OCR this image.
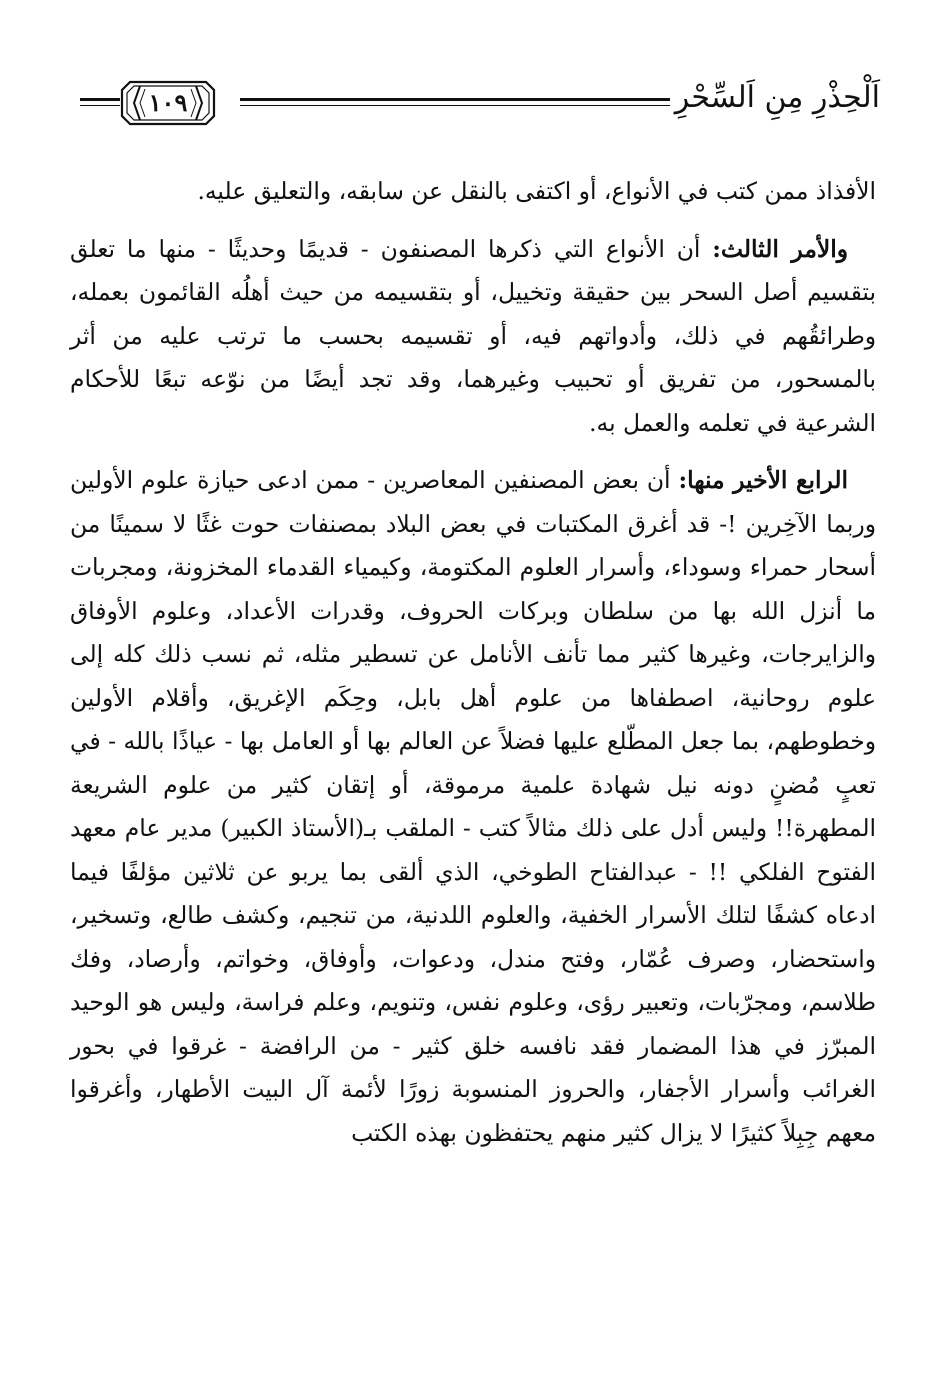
اَلْحِذْرِ مِنِ اَلسِّحْرِ
١٠٩

الأفذاذ ممن كتب في الأنواع، أو اكتفى بالنقل عن سابقه، والتعليق عليه.

والأمر الثالث: أن الأنواع التي ذكرها المصنفون - قديمًا وحديثًا - منها ما تعلق بتقسيم أصل السحر بين حقيقة وتخييل، أو بتقسيمه من حيث أهلُه القائمون بعمله، وطرائقُهم في ذلك، وأدواتهم فيه، أو تقسيمه بحسب ما ترتب عليه من أثر بالمسحور، من تفريق أو تحبيب وغيرهما، وقد تجد أيضًا من نوّعه تبعًا للأحكام الشرعية في تعلمه والعمل به.

الرابع الأخير منها: أن بعض المصنفين المعاصرين - ممن ادعى حيازة علوم الأولين وربما الآخِرين !- قد أغرق المكتبات في بعض البلاد بمصنفات حوت غثًا لا سمينًا من أسحار حمراء وسوداء، وأسرار العلوم المكتومة، وكيمياء القدماء المخزونة، ومجربات ما أنزل الله بها من سلطان وبركات الحروف، وقدرات الأعداد، وعلوم الأوفاق والزايرجات، وغيرها كثير مما تأنف الأنامل عن تسطير مثله، ثم نسب ذلك كله إلى علوم روحانية، اصطفاها من علوم أهل بابل، وحِكَم الإغريق، وأقلام الأولين وخطوطهم، بما جعل المطّلع عليها فضلاً عن العالم بها أو العامل بها - عياذًا بالله - في تعبٍ مُضنٍ دونه نيل شهادة علمية مرموقة، أو إتقان كثير من علوم الشريعة المطهرة!! وليس أدل على ذلك مثالاً كتب - الملقب بـ(الأستاذ الكبير) مدير عام معهد الفتوح الفلكي !! - عبدالفتاح الطوخي، الذي ألقى بما يربو عن ثلاثين مؤلفًا فيما ادعاه كشفًا لتلك الأسرار الخفية، والعلوم اللدنية، من تنجيم، وكشف طالع، وتسخير، واستحضار، وصرف عُمّار، وفتح مندل، ودعوات، وأوفاق، وخواتم، وأرصاد، وفك طلاسم، ومجرّبات، وتعبير رؤى، وعلوم نفس، وتنويم، وعلم فراسة، وليس هو الوحيد المبرّز في هذا المضمار فقد نافسه خلق كثير - من الرافضة - غرقوا في بحور الغرائب وأسرار الأجفار، والحروز المنسوبة زورًا لأئمة آل البيت الأطهار، وأغرقوا معهم جِبِلاً كثيرًا لا يزال كثير منهم يحتفظون بهذه الكتب
